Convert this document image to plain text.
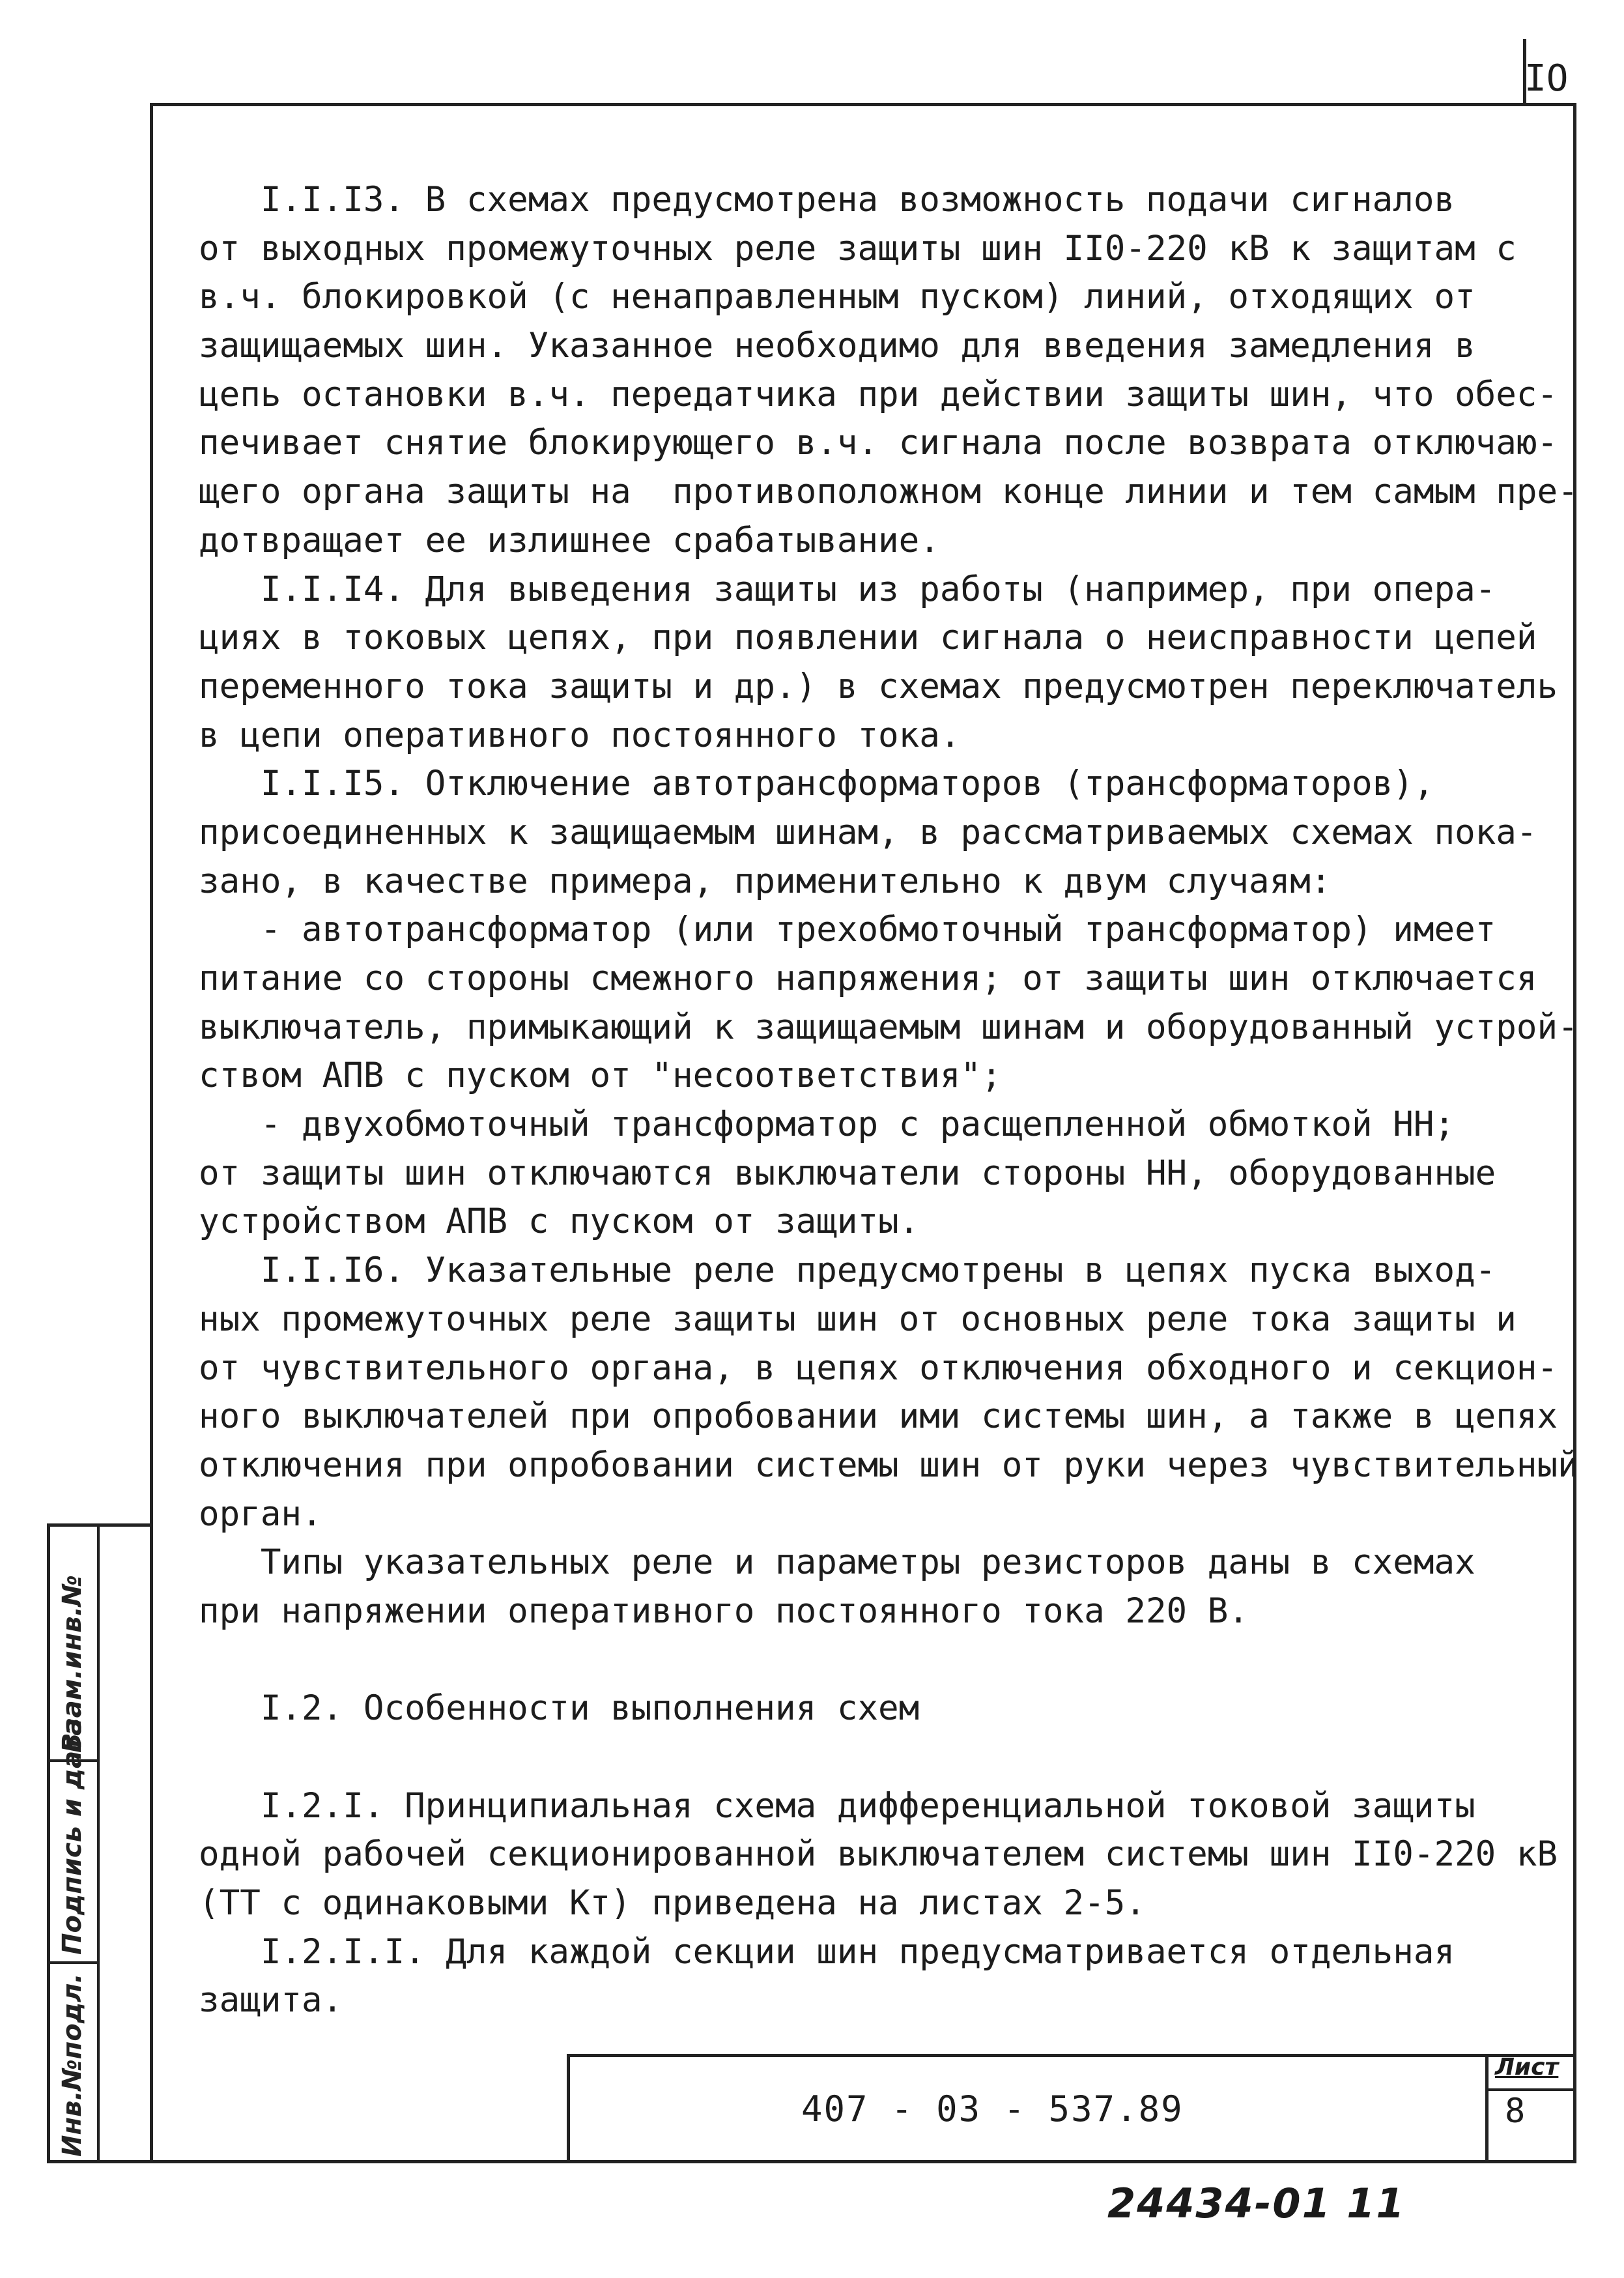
IO
I.I.I3. В схемах предусмотрена возможность подачи сигналов
от выходных промежуточных реле защиты шин II0-220 кВ к защитам с
в.ч. блокировкой (с ненаправленным пуском) линий, отходящих от
защищаемых шин. Указанное необходимо для введения замедления в
цепь остановки в.ч. передатчика при действии защиты шин, что обес-
печивает снятие блокирующего в.ч. сигнала после возврата отключаю-
щего органа защиты на  противоположном конце линии и тем самым пре-
дотвращает ее излишнее срабатывание.
I.I.I4. Для выведения защиты из работы (например, при опера-
циях в токовых цепях, при появлении сигнала о неисправности цепей
переменного тока защиты и др.) в схемах предусмотрен переключатель
в цепи оперативного постоянного тока.
I.I.I5. Отключение автотрансформаторов (трансформаторов),
присоединенных к защищаемым шинам, в рассматриваемых схемах пока-
зано, в качестве примера, применительно к двум случаям:
- автотрансформатор (или трехобмоточный трансформатор) имеет
питание со стороны смежного напряжения; от защиты шин отключается
выключатель, примыкающий к защищаемым шинам и оборудованный устрой-
ством АПВ с пуском от "несоответствия";
- двухобмоточный трансформатор с расщепленной обмоткой НН;
от защиты шин отключаются выключатели стороны НН, оборудованные
устройством АПВ с пуском от защиты.
I.I.I6. Указательные реле предусмотрены в цепях пуска выход-
ных промежуточных реле защиты шин от основных реле тока защиты и
от чувствительного органа, в цепях отключения обходного и секцион-
ного выключателей при опробовании ими системы шин, а также в цепях
отключения при опробовании системы шин от руки через чувствительный
орган.
Типы указательных реле и параметры резисторов даны в схемах
при напряжении оперативного постоянного тока 220 В.
I.2. Особенности выполнения схем
I.2.I. Принципиальная схема дифференциальной токовой защиты
одной рабочей секционированной выключателем системы шин II0-220 кВ
(ТТ с одинаковыми Кт) приведена на листах 2-5.
I.2.I.I. Для каждой секции шин предусматривается отдельная
защита.
Взам.инв.№
Подпись и дата
Инв.№подл.	407 - 03 - 537.89
Лист
8
24434-01 11
